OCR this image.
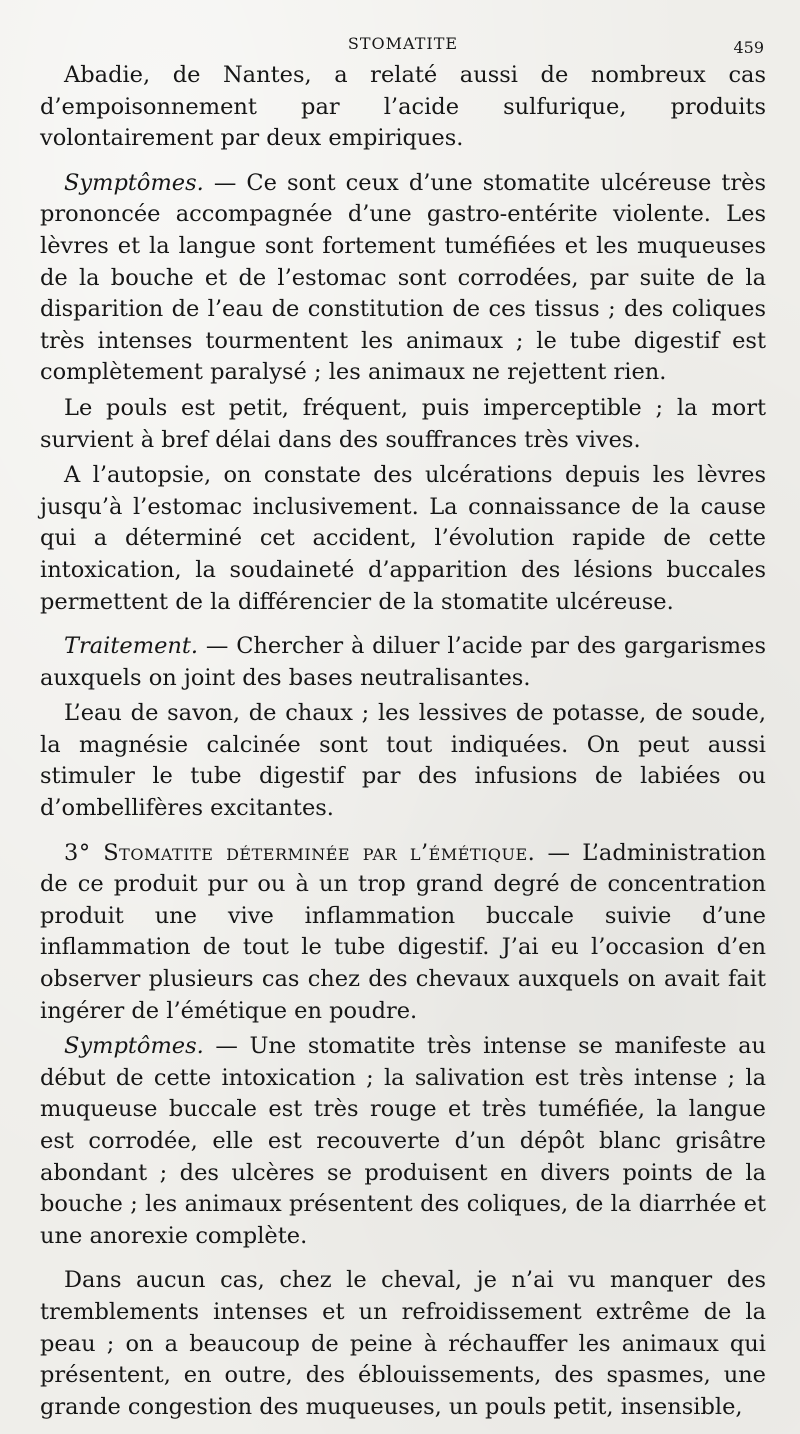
STOMATITE	459

Abadie, de Nantes, a relaté aussi de nombreux cas d’empoisonnement par l’acide sulfurique, produits volontairement par deux empiriques.

Symptômes. — Ce sont ceux d’une stomatite ulcéreuse très prononcée accompagnée d’une gastro-entérite violente. Les lèvres et la langue sont fortement tuméfiées et les muqueuses de la bouche et de l’estomac sont corrodées, par suite de la disparition de l’eau de constitution de ces tissus ; des coliques très intenses tourmentent les animaux ; le tube digestif est complètement paralysé ; les animaux ne rejettent rien.

Le pouls est petit, fréquent, puis imperceptible ; la mort survient à bref délai dans des souffrances très vives.

A l’autopsie, on constate des ulcérations depuis les lèvres jusqu’à l’estomac inclusivement. La connaissance de la cause qui a déterminé cet accident, l’évolution rapide de cette intoxication, la soudaineté d’apparition des lésions buccales permettent de la différencier de la stomatite ulcéreuse.

Traitement. — Chercher à diluer l’acide par des gargarismes auxquels on joint des bases neutralisantes.

L’eau de savon, de chaux ; les lessives de potasse, de soude, la magnésie calcinée sont tout indiquées. On peut aussi stimuler le tube digestif par des infusions de labiées ou d’ombellifères excitantes.

3° Stomatite déterminée par l’émétique. — L’administration de ce produit pur ou à un trop grand degré de concentration produit une vive inflammation buccale suivie d’une inflammation de tout le tube digestif. J’ai eu l’occasion d’en observer plusieurs cas chez des chevaux auxquels on avait fait ingérer de l’émétique en poudre.

Symptômes. — Une stomatite très intense se manifeste au début de cette intoxication ; la salivation est très intense ; la muqueuse buccale est très rouge et très tuméfiée, la langue est corrodée, elle est recouverte d’un dépôt blanc grisâtre abondant ; des ulcères se produisent en divers points de la bouche ; les animaux présentent des coliques, de la diarrhée et une anorexie complète.

Dans aucun cas, chez le cheval, je n’ai vu manquer des tremblements intenses et un refroidissement extrême de la peau ; on a beaucoup de peine à réchauffer les animaux qui présentent, en outre, des éblouissements, des spasmes, une grande congestion des muqueuses, un pouls petit, insensible,
